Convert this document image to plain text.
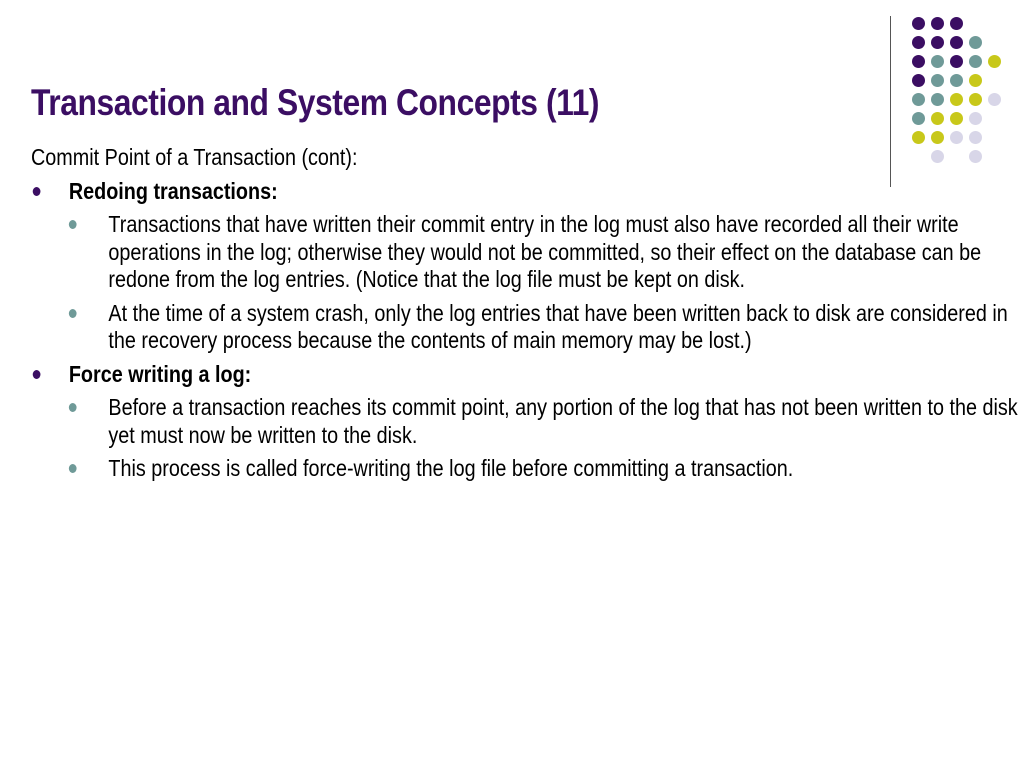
Transaction and System Concepts (11)

Commit Point of a Transaction (cont):

Redoing transactions:
Transactions that have written their commit entry in the log must also have recorded all their write operations in the log; otherwise they would not be committed, so their effect on the database can be redone from the log entries. (Notice that the log file must be kept on disk.
At the time of a system crash, only the log entries that have been written back to disk are considered in the recovery process because the contents of main memory may be lost.)
Force writing a log:
Before a transaction reaches its commit point, any portion of the log that has not been written to the disk yet must now be written to the disk.
This process is called force-writing the log file before committing a transaction.
